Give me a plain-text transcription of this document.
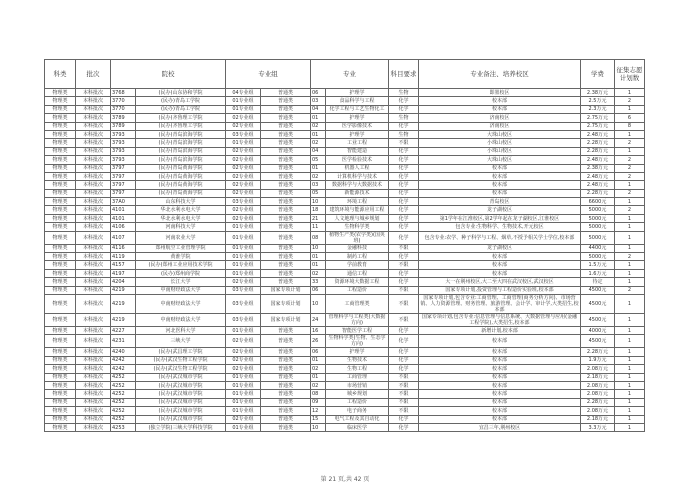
科类	批次	院校		专业组		专业		科目要求	专业备注、培养校区	学费	征集志愿计划数
物理类	本科批次	3768	(民办)山东协和学院	04专业组	普通类	06	护理学	生物	即墨校区	2.38万元	1
物理类	本科批次	3770	(民办)青岛工学院	01专业组	普通类	03	食品科学与工程	化学	校本部	2.5万元	2
物理类	本科批次	3770	(民办)青岛工学院	01专业组	普通类	04	化学工程与工艺生物化工	化学	校本部	2.3万元	1
物理类	本科批次	3789	(民办)齐鲁理工学院	02专业组	普通类	01	护理学	生物	济南校区	2.75万元	6
物理类	本科批次	3789	(民办)齐鲁理工学院	02专业组	普通类	02	医学影像技术	化学	济南校区	2.75万元	8
物理类	本科批次	3793	(民办)青岛滨海学院	03专业组	普通类	01	护理学	生物	大珠山校区	2.48万元	1
物理类	本科批次	3793	(民办)青岛滨海学院	01专业组	普通类	02	工业工程	不限	小珠山校区	2.28万元	2
物理类	本科批次	3793	(民办)青岛滨海学院	02专业组	普通类	04	智能建造	化学	小珠山校区	2.28万元	1
物理类	本科批次	3793	(民办)青岛滨海学院	02专业组	普通类	05	医学检验技术	化学	大珠山校区	2.48万元	2
物理类	本科批次	3797	(民办)青岛黄海学院	02专业组	普通类	01	机器人工程	化学	校本部	2.38万元	2
物理类	本科批次	3797	(民办)青岛黄海学院	02专业组	普通类	02	计算机科学与技术	化学	校本部	2.48万元	2
物理类	本科批次	3797	(民办)青岛黄海学院	02专业组	普通类	03	数据科学与大数据技术	化学	校本部	2.48万元	1
物理类	本科批次	3797	(民办)青岛黄海学院	02专业组	普通类	05	新能源技术	化学	校本部	2.28万元	2
物理类	本科批次	37A0	山东科技大学	03专业组	普通类	10	环境工程	化学	青岛校区	6600元	1
物理类	本科批次	4101	华北水利水电大学	02专业组	普通类	18	建筑环境与能源应用工程	化学	龙子湖校区	5000元	2
物理类	本科批次	4101	华北水利水电大学	02专业组	普通类	21	人文地理与城乡规划	化学	第1学年在江淮校区,第2学年起在龙子湖校区,江淮校区	5000元	1
物理类	本科批次	4106	河南科技大学	01专业组	普通类	11	生物科学类	化学	包含专业:生物科学、生物技术,开元校区	5000元	1
物理类	本科批次	4107	河南农业大学	01专业组	普通类	08	植物生产类(农学类)(国英班)	化学	包含专业:农学、种子科学与工程、烟草,不授予相关学士学位,校本部	5000元	1
物理类	本科批次	4116	郑州航空工业管理学院	01专业组	普通类	10	金融科技	不限	龙子湖校区	4400元	1
物理类	本科批次	4119	黄淮学院	01专业组	普通类	01	制药工程	化学	校本部	5000元	2
物理类	本科批次	4157	(民办)郑州工业应用技术学院	01专业组	普通类	01	学前教育	不限	校本部	1.5万元	1
物理类	本科批次	4197	(民办)郑州商学院	01专业组	普通类	02	通信工程	化学	校本部	1.6万元	1
物理类	本科批次	4204	长江大学	02专业组	普通类	33	资源环境大数据工程	化学	大一在荆州校区,大二至大四在武汉校区,武汉校区	待定	1
物理类	本科批次	4219	中南财经政法大学	03专业组	国家专项计划	06	工程造价	不限	国家专项计划,投资管理与工程造价实验班,校本部	4500元	2
物理类	本科批次	4219	中南财经政法大学	03专业组	国家专项计划	10	工商管理类	不限	国家专项计划,包含专业:工商管理、工商管理(商务分析方向)、市场营销、人力资源管理、财务管理、旅游管理、会计学、审计学,大类招生,校本部	4500元	1
物理类	本科批次	4219	中南财经政法大学	03专业组	国家专项计划	24	管理科学与工程类(大数据方向)	不限	国家专项计划,包含专业:信息管理与信息系统、大数据管理与应用(金融工程学院),大类招生,校本部	4500元	1
物理类	本科批次	4227	河北医科大学	01专业组	普通类	16	智能医学工程	化学	新增计划,校本部	4000元	1
物理类	本科批次	4231	三峡大学	02专业组	普通类	26	生物科学类(生物、生态学方向)	化学	校本部	4500元	1
物理类	本科批次	4240	(民办)武昌理工学院	02专业组	普通类	06	护理学	化学	校本部	2.28万元	1
物理类	本科批次	4242	(民办)武汉生物工程学院	02专业组	普通类	01	生物技术	化学	校本部	1.9万元	1
物理类	本科批次	4242	(民办)武汉生物工程学院	02专业组	普通类	02	生物工程	化学	校本部	2.08万元	1
物理类	本科批次	4252	(民办)武汉城市学院	01专业组	普通类	01	工商管理	不限	校本部	2.18万元	1
物理类	本科批次	4252	(民办)武汉城市学院	01专业组	普通类	02	市场营销	不限	校本部	2.08万元	1
物理类	本科批次	4252	(民办)武汉城市学院	01专业组	普通类	08	城乡规划	不限	校本部	2.08万元	1
物理类	本科批次	4252	(民办)武汉城市学院	01专业组	普通类	09	工程造价	不限	校本部	2.28万元	1
物理类	本科批次	4252	(民办)武汉城市学院	01专业组	普通类	12	电子商务	不限	校本部	2.08万元	1
物理类	本科批次	4252	(民办)武汉城市学院	02专业组	普通类	15	电气工程及其自动化	化学	校本部	2.18万元	1
物理类	本科批次	4253	(独立学院)三峡大学科技学院	01专业组	普通类	10	临床医学	化学	宜昌三年,荆州校区	3.3万元	1
第 21 页,共 42 页
